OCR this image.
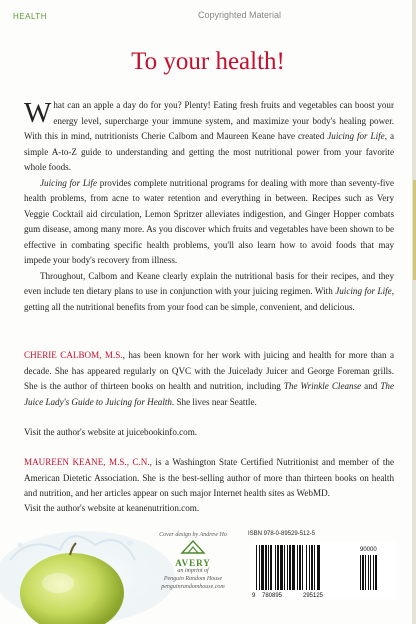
HEALTH	Copyrighted Material
To your health!

What can an apple a day do for you? Plenty! Eating fresh fruits and vegetables can boost your energy level, supercharge your immune system, and maximize your body's healing power. With this in mind, nutritionists Cherie Calbom and Maureen Keane have created Juicing for Life, a simple A-to-Z guide to understanding and getting the most nutritional power from your favorite whole foods.

Juicing for Life provides complete nutritional programs for dealing with more than seventy-five health problems, from acne to water retention and everything in between. Recipes such as Very Veggie Cocktail aid circulation, Lemon Spritzer alleviates indigestion, and Ginger Hopper combats gum disease, among many more. As you discover which fruits and vegetables have been shown to be effective in combating specific health problems, you'll also learn how to avoid foods that may impede your body's recovery from illness.

Throughout, Calbom and Keane clearly explain the nutritional basis for their recipes, and they even include ten dietary plans to use in conjunction with your juicing regimen. With Juicing for Life, getting all the nutritional benefits from your food can be simple, convenient, and delicious.

CHERIE CALBOM, M.S., has been known for her work with juicing and health for more than a decade. She has appeared regularly on QVC with the Juicelady Juicer and George Foreman grills. She is the author of thirteen books on health and nutrition, including The Wrinkle Cleanse and The Juice Lady's Guide to Juicing for Health. She lives near Seattle.

Visit the author's website at juicebookinfo.com.

MAUREEN KEANE, M.S., C.N., is a Washington State Certified Nutritionist and member of the American Dietetic Association. She is the best-selling author of more than thirteen books on health and nutrition, and her articles appear on such major Internet health sites as WebMD.

Visit the author's website at keanenutrition.com.
Cover design by Andrew Ho
AVERY
an imprint of
Penguin Random House
penguinrandomhouse.com
ISBN 978-0-89529-512-5
9 780895	295125
90000
